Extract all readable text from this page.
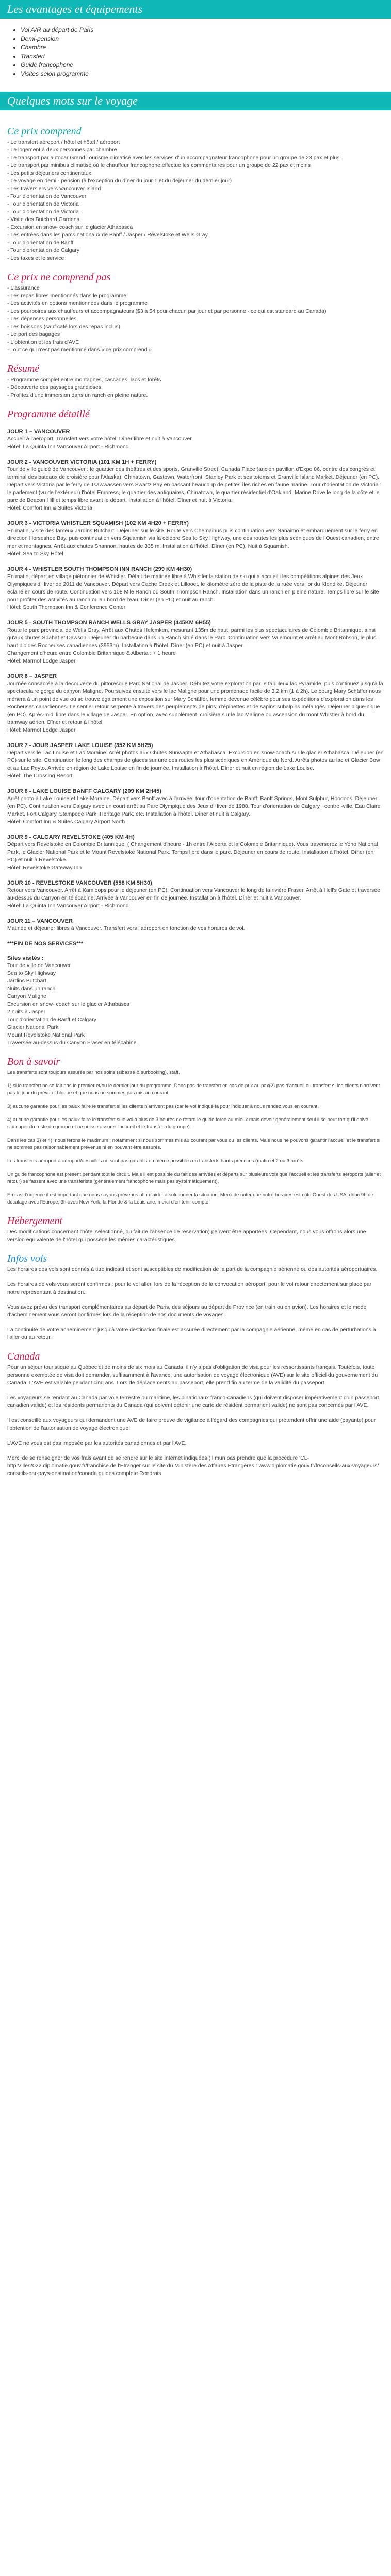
Les avantages et équipements
• Vol A/R au départ de Paris
• Demi-pension
• Chambre
• Transfert
• Guide francophone
• Visites selon programme
Quelques mots sur le voyage
Ce prix comprend

- Le transfert aéroport / hôtel et hôtel / aéroport

- Le logement à deux personnes par chambre

- Le transport par autocar Grand Tourisme climatisé avec les services d'un accompagnateur francophone pour un groupe de 23 pax et plus

- Le transport par minibus climatisé où le chauffeur francophone effectue les commentaires pour un groupe de 22 pax et moins

- Les petits déjeuners continentaux

- Le voyage en demi - pension (à l'exception du dîner du jour 1 et du déjeuner du dernier jour)

- Les traversiers vers Vancouver Island

- Tour d'orientation de Vancouver

- Tour d'orientation de Victoria

- Tour d'orientation de Victoria

- Visite des Butchard Gardens

- Excursion en snow- coach sur le glacier Athabasca

- Les entrées dans les parcs nationaux de Banff / Jasper / Revelstoke et Wells Gray

- Tour d'orientation de Banff

- Tour d'orientation de Calgary

- Les taxes et le service

Ce prix ne comprend pas

- L'assurance

- Les repas libres mentionnés dans le programme

- Les activités en options mentionnées dans le programme

- Les pourboires aux chauffeurs et accompagnateurs ($3 à $4 pour chacun par jour et par personne - ce qui est standard au Canada)

- Les dépenses personnelles

- Les boissons (sauf café lors des repas inclus)

- Le port des bagages

- L'obtention et les frais d'AVE

- Tout ce qui n'est pas mentionné dans « ce prix comprend »

Résumé

- Programme complet entre montagnes, cascades, lacs et forêts

- Découverte des paysages grandioses.

- Profitez d'une immersion dans un ranch en pleine nature.

Programme détaillé
JOUR 1 – VANCOUVER

Accueil à l'aéroport. Transfert vers votre hôtel. Dîner libre et nuit à Vancouver.

Hôtel: La Quinta Inn Vancouver Airport - Richmond

JOUR 2 - VANCOUVER VICTORIA (101 KM 1H + FERRY)

Tour de ville guidé de Vancouver : le quartier des théâtres et des sports, Granville Street, Canada Place (ancien pavillon d'Expo 86, centre des congrès et terminal des bateaux de croisière pour l'Alaska), Chinatown, Gastown, Waterfront, Stanley Park et ses totems et Granville Island Market. Déjeuner (en PC). Départ vers Victoria par le ferry de Tsawwassen vers Swartz Bay en passant beaucoup de petites îles riches en faune marine. Tour d'orientation de Victoria : le parlement (vu de l'extérieur) l'hôtel Empress, le quartier des antiquaires, Chinatown, le quartier résidentiel d'Oakland, Marine Drive le long de la côte et le parc de Beacon Hill et temps libre avant le départ. Installation à l'hôtel. Dîner et nuit à Victoria.

Hôtel: Comfort Inn & Suites Victoria

JOUR 3 - VICTORIA WHISTLER SQUAMISH (102 KM 4H20 + FERRY)

En matin, visite des fameux Jardins Butchart. Déjeuner sur le site. Route vers Chemainus puis continuation vers Nanaimo et embarquement sur le ferry en direction Horseshoe Bay, puis continuation vers Squamish via la célèbre Sea to Sky Highway, une des routes les plus scéniques de l'Ouest canadien, entre mer et montagnes. Arrêt aux chutes Shannon, hautes de 335 m. Installation à l'hôtel. Dîner (en PC). Nuit à Squamish.

Hôtel: Sea to Sky Hôtel

JOUR 4 - WHISTLER SOUTH THOMPSON INN RANCH (299 KM 4H30)

En matin, départ en village piétonnier de Whistler. Défait de matinée libre à Whistler la station de ski qui a accueilli les compétitions alpines des Jeux Olympiques d'Hiver de 2011 de Vancouver. Départ vers Cache Creek et Lillooet, le kilomètre zéro de la piste de la ruée vers l'or du Klondike. Déjeuner éclairé en cours de route. Continuation vers 108 Mile Ranch ou South Thompson Ranch. Installation dans un ranch en pleine nature. Temps libre sur le site pour profiter des activités au ranch ou au bord de l'eau. Dîner (en PC) et nuit au ranch.

Hôtel: South Thompson Inn & Conference Center

JOUR 5 - SOUTH THOMPSON RANCH WELLS GRAY JASPER (445KM 6H55)

Route le parc provincial de Wells Gray. Arrêt aux Chutes Helcmken, mesurant 135m de haut, parmi les plus spectaculaires de Colombie Britannique, ainsi qu'aux chutes Spahat et Dawson. Déjeuner du barbecue dans un Ranch situé dans le Parc. Continuation vers Valemount et arrêt au Mont Robson, le plus haut pic des Rocheuses canadiennes (3953m). Installation à l'hôtel. Dîner (en PC) et nuit à Jasper.

Changement d'heure entre Colombie Britannique & Alberta : + 1 heure

Hôtel: Marmot Lodge Jasper

JOUR 6 – JASPER

Journée consacrée à la découverte du pittoresque Parc National de Jasper. Débutez votre exploration par le fabuleux lac Pyramide, puis continuez jusqu'à la spectaculaire gorge du canyon Maligne. Poursuivez ensuite vers le lac Maligne pour une promenade facile de 3,2 km (1 à 2h). Le bourg Mary Schäffer nous mènera à un point de vue où se trouve également une exposition sur Mary Schäffer, femme devenue célèbre pour ses expéditions d'exploration dans les Rocheuses canadiennes. Le sentier retour serpente à travers des peuplements de pins, d'épinettes et de sapins subalpins mélangés. Déjeuner pique-nique (en PC). Après-midi libre dans le village de Jasper. En option, avec supplément, croisière sur le lac Maligne ou ascension du mont Whistler à bord du tramway aérien. Dîner et retour à l'hôtel.

Hôtel: Marmot Lodge Jasper

JOUR 7 - JOUR JASPER LAKE LOUISE (352 KM 5H25)

Départ vers le Lac Louise et Lac Moraine. Arrêt photos aux Chutes Sunwapta et Athabasca. Excursion en snow-coach sur le glacier Athabasca. Déjeuner (en PC) sur le site. Continuation le long des champs de glaces sur une des routes les plus scéniques en Amérique du Nord. Arrêts photos au lac et Glacier Bow et au Lac Peyto. Arrivée en région de Lake Louise en fin de journée. Installation à l'hôtel. Dîner et nuit en région de Lake Louise.

Hôtel: The Crossing Resort

JOUR 8 - LAKE LOUISE BANFF CALGARY (209 KM 2H45)

Arrêt photo à Lake Louise et Lake Moraine. Départ vers Banff avec à l'arrivée, tour d'orientation de Banff: Banff Springs, Mont Sulphur, Hoodoos. Déjeuner (en PC). Continuation vers Calgary avec un court arrêt au Parc Olympique des Jeux d'Hiver de 1988. Tour d'orientation de Calgary : centre -ville, Eau Claire Market, Fort Calgary, Stampede Park, Heritage Park, etc. Installation à l'hôtel. Dîner et nuit à Calgary.

Hôtel: Comfort Inn & Suites Calgary Airport North

JOUR 9 - CALGARY REVELSTOKE (405 KM 4H)

Départ vers Revelstoke en Colombie Britannique. ( Changement d'heure - 1h entre l'Alberta et la Colombie Britannique). Vous traverserez le Yoho National Park, le Glacier National Park et le Mount Revelstoke National Park. Temps libre dans le parc. Déjeuner en cours de route. Installation à l'hôtel. Dîner (en PC) et nuit à Revelstoke.

Hôtel: Revelstoke Gateway Inn

JOUR 10 - REVELSTOKE VANCOUVER (558 KM 5H30)

Retour vers Vancouver. Arrêt à Kamloops pour le déjeuner (en PC). Continuation vers Vancouver le long de la rivière Fraser. Arrêt à Hell's Gate et traversée au-dessus du Canyon en télécabine. Arrivée à Vancouver en fin de journée. Installation à l'hôtel. Dîner et nuit à Vancouver.

Hôtel: La Quinta Inn Vancouver Airport - Richmond

JOUR 11 – VANCOUVER

Matinée et déjeuner libres à Vancouver. Transfert vers l'aéroport en fonction de vos horaires de vol.

***FIN DE NOS SERVICES***
Sites visités :

Tour de ville de Vancouver

Sea to Sky Highway

Jardins Butchart

Nuits dans un ranch

Canyon Maligne

Excursion en snow- coach sur le glacier Athabasca

2 nuits à Jasper

Tour d'orientation de Banff et Calgary

Glacier National Park

Mount Revelstoke National Park

Traversée au-dessus du Canyon Fraser en télécabine.

Bon à savoir

Les transferts sont toujours assurés par nos soins (sibassé & surbooking), staff.

1) si le transfert ne se fait pas le premier et/ou le dernier jour du programme. Donc pas de transfert en cas de prix au pax(2) pas d'accueil ou transfert si les clients n'arrivent pas le jour du prévu et bloque et que nous ne sommes pas mis au courant.

3) aucune garantie pour les paiux faire le transfert si les clients n'arrivent pas (car le vol indiqué la pour indiquer à nous rendez vous en courant.

4) aucune garantie pour les paiux faire le transfert si le vol a plus de 3 heures de retard le guide force au mieux mais devoir généralement seul il se peut fort qu'il doive s'occuper du reste du groupe et ne puisse assurer l'accueil et le transfert du groupe).

Dans les cas 3) et 4), nous ferons le maximum ; notamment si nous sommes mis au courant par vous ou les clients. Mais nous ne pouvons garantir l'accueil et le transfert si ne sommes pas raisonnablement prévenus ni en pouvant être assurés.

Les transferts aéroport à aéroport/des villes ne sont pas garantis ou même possibles en transferts hauts précoces (matin et 2 ou 3 arrêts.

Un guide francophone est présent pendant tout le circuit. Mais il est possible du fait des arrivées et départs sur plusieurs vols que l'accueil et les transferts aéroports (aller et retour) se fassent avec une transferiste (généralement francophone mais pas systématiquement).

En cas d'urgence il est important que nous soyons prévenus afin d'aider à solutionner la situation. Merci de noter que notre horaires est côte Ouest des USA, donc 9h de décalage avec l'Europe, 3h avec New York, la Floride & la Louisiane, merci d'en tenir compte.

Hébergement

Des modifications concernant l'hôtel sélectionné, du fait de l'absence de réservation) peuvent être apportées. Cependant, nous vous offrons alors une version équivalente de l'hôtel qui possède les mêmes caractéristiques.

Infos vols

Les horaires des vols sont donnés à titre indicatif et sont susceptibles de modification de la part de la compagnie aérienne ou des autorités aéroportuaires.

Les horaires de vols vous seront confirmés : pour le vol aller, lors de la réception de la convocation aéroport, pour le vol retour directement sur place par notre représentant à destination.

Vous avez prévu des transport complémentaires au départ de Paris, des séjours au départ de Province (en train ou en avion). Les horaires et le mode d'acheminement vous seront confirmés lors de la réception de nos documents de voyages.

La continuité de votre acheminement jusqu'à votre destination finale est assurée directement par la compagnie aérienne, même en cas de perturbations à l'aller ou au retour.

Canada

Pour un séjour touristique au Québec et de moins de six mois au Canada, il n'y a pas d'obligation de visa pour les ressortissants français. Toutefois, toute personne exemptée de visa doit demander, suffisamment à l'avance, une autorisation de voyage électronique (AVE) sur le site officiel du gouvernement du Canada. L'AVE est valable pendant cinq ans. Lors de déplacements au passeport, elle prend fin au terme de la validité du passeport.

Les voyageurs se rendant au Canada par voie terrestre ou maritime, les binationaux franco-canadiens (qui doivent disposer impérativement d'un passeport canadien valide) et les résidents permanents du Canada (qui doivent détenir une carte de résident permanent valide) ne sont pas concernés par l'AVE.

Il est conseillé aux voyageurs qui demandent une AVE de faire preuve de vigilance à l'égard des compagnies qui prétendent offrir une aide (payante) pour l'obtention de l'autorisation de voyage électronique.

L'AVE ne vous est pas imposée par les autorités canadiennes et par l'AVE.

Merci de se renseigner de vos frais avant de se rendre sur le site internet indiquées (Il mun pas prendre que la procédure 'CL-http:Ville/2022.diplomatie.gouv.fr/franchise de l'Etranger sur le site du Ministère des Affaires Etrangères : www.diplomatie.gouv.fr/fr/conseils-aux-voyageurs/ conseils-par-pays-destination/canada guides complete Rendrais
